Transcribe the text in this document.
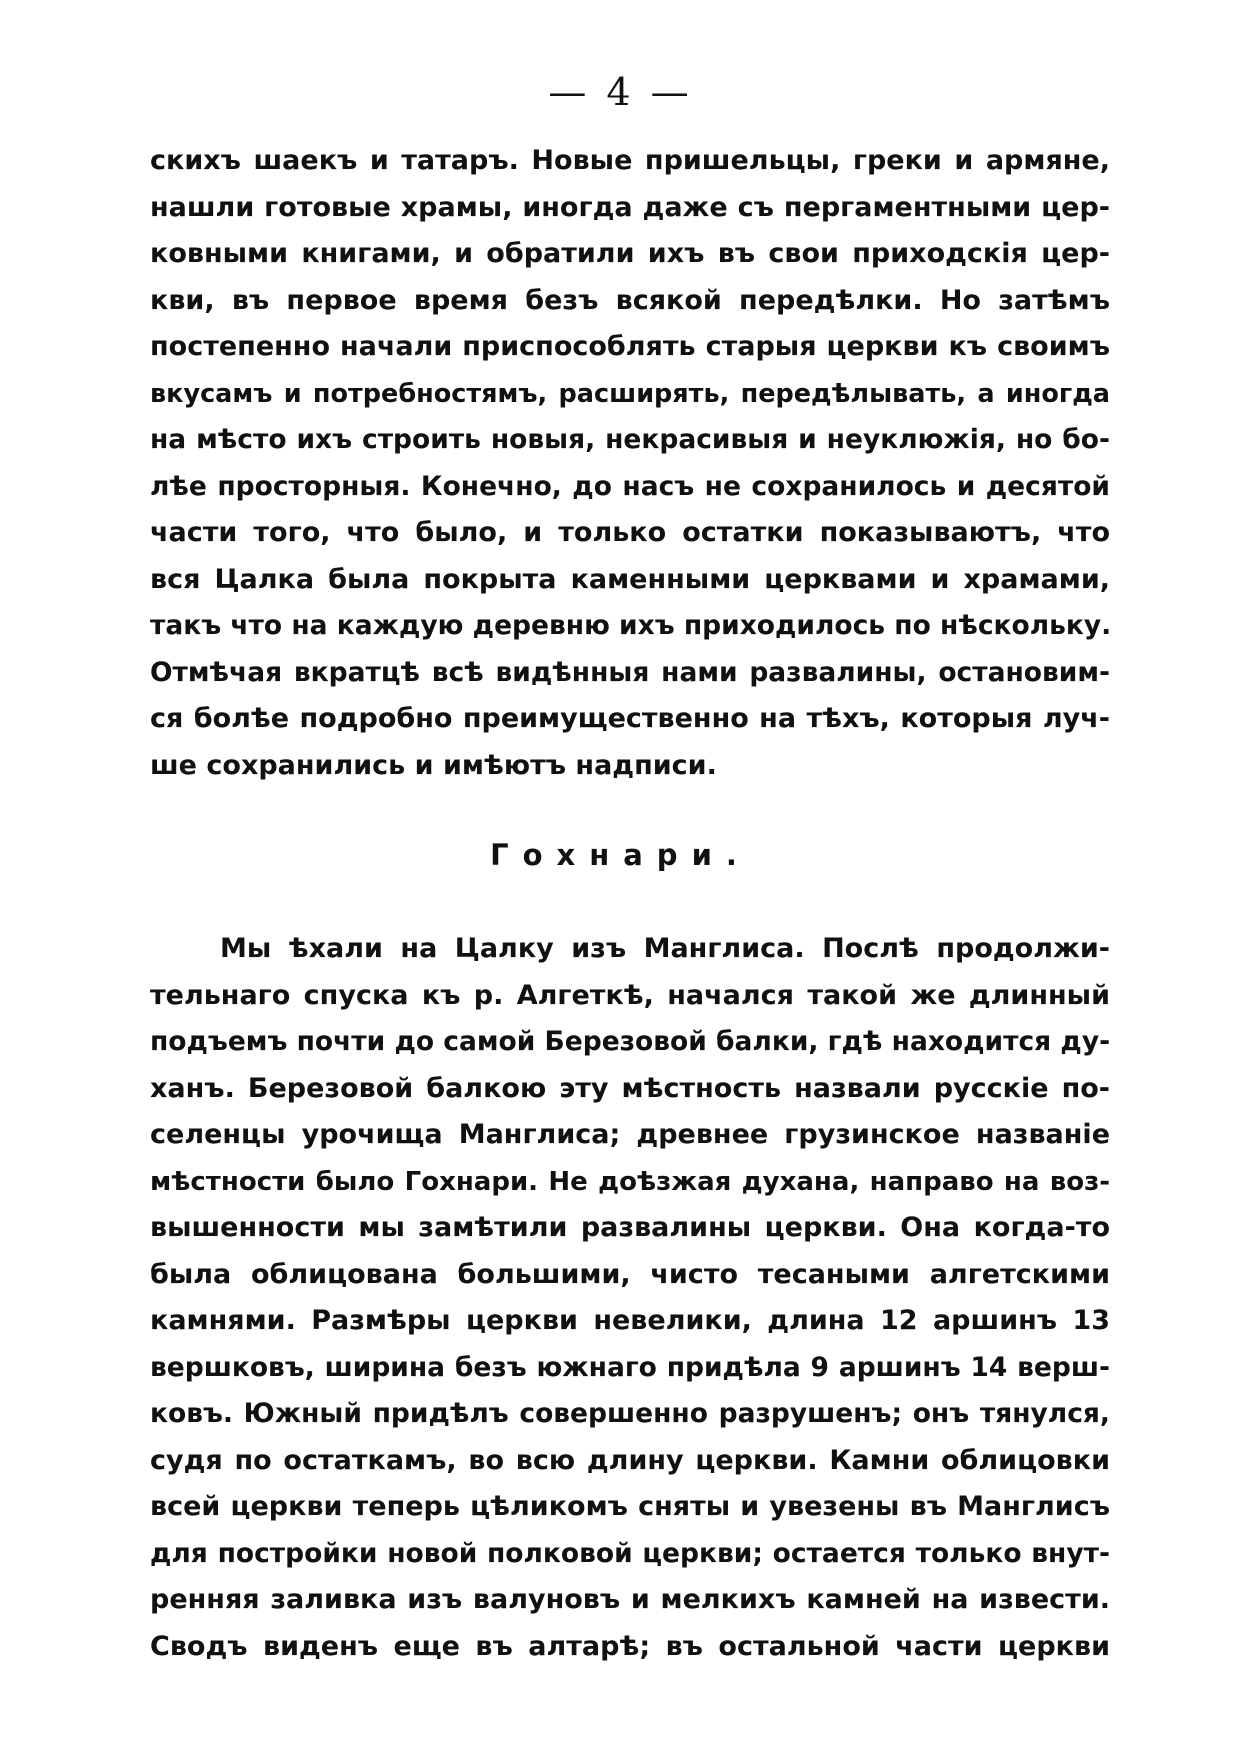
— 4 —
скихъ шаекъ и татаръ. Новые пришельцы, греки и армяне,
нашли готовые храмы, иногда даже съ пергаментными цер-
ковными книгами, и обратили ихъ въ свои приходскія цер-
кви, въ первое время безъ всякой передѣлки. Но затѣмъ
постепенно начали приспособлять старыя церкви къ своимъ
вкусамъ и потребностямъ, расширять, передѣлывать, а иногда
на мѣсто ихъ строить новыя, некрасивыя и неуклюжія, но бо-
лѣе просторныя. Конечно, до насъ не сохранилось и десятой
части того, что было, и только остатки показываютъ, что
вся Цалка была покрыта каменными церквами и храмами,
такъ что на каждую деревню ихъ приходилось по нѣскольку.
Отмѣчая вкратцѣ всѣ видѣнныя нами развалины, остановим-
ся болѣе подробно преимущественно на тѣхъ, которыя луч-
ше сохранились и имѣютъ надписи.
Гохнари.
Мы ѣхали на Цалку изъ Манглиса. Послѣ продолжи-
тельнаго спуска къ р. Алгеткѣ, начался такой же длинный
подъемъ почти до самой Березовой балки, гдѣ находится ду-
ханъ. Березовой балкою эту мѣстность назвали русскіе по-
селенцы урочища Манглиса; древнее грузинское названіе
мѣстности было Гохнари. Не доѣзжая духана, направо на воз-
вышенности мы замѣтили развалины церкви. Она когда-то
была облицована большими, чисто тесаными алгетскими
камнями. Размѣры церкви невелики, длина 12 аршинъ 13
вершковъ, ширина безъ южнаго придѣла 9 аршинъ 14 верш-
ковъ. Южный придѣлъ совершенно разрушенъ; онъ тянулся,
судя по остаткамъ, во всю длину церкви. Камни облицовки
всей церкви теперь цѣликомъ сняты и увезены въ Манглисъ
для постройки новой полковой церкви; остается только внут-
ренняя заливка изъ валуновъ и мелкихъ камней на извести.
Сводъ виденъ еще въ алтарѣ; въ остальной части церкви
